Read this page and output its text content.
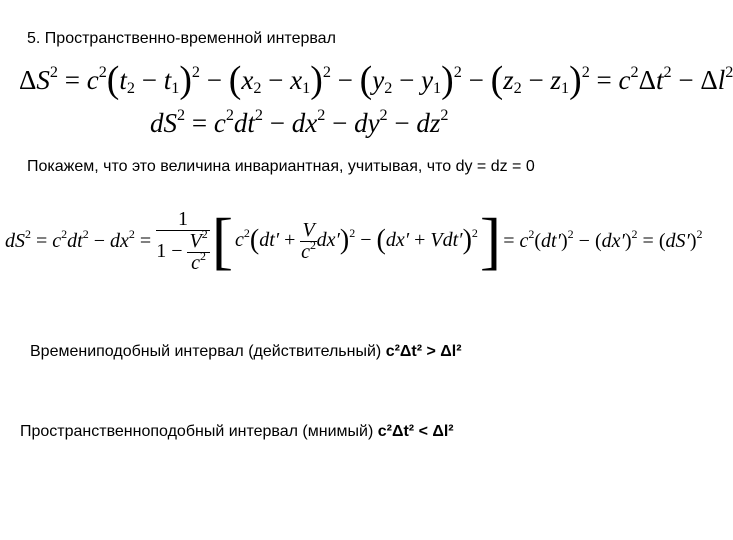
5. Пространственно-временной интервал
$\Delta S^2 = c^2(t_2 - t_1)^2 - (x_2 - x_1)^2 - (y_2 - y_1)^2 - (z_2 - z_1)^2 = c^2\Delta t^2 - \Delta l^2$
$dS^2 = c^2dt^2 - dx^2 - dy^2 - dz^2$
Покажем, что это величина инвариантная, учитывая, что dy = dz = 0
$dS^2 = c^2dt^2 - dx^2 = \frac{1}{1 - \frac{V^2}{c^2}}$ [ $c^2(dt' + \frac{V}{c^2} dx')^2 - (dx' + Vdt')^2$ ] = $c^2(dt')^2 - (dx')^2 = (dS')^2$
Времениподобный интервал (действительный) c²Δt² > Δl²
Пространственноподобный интервал (мнимый) c²Δt² < Δl²
